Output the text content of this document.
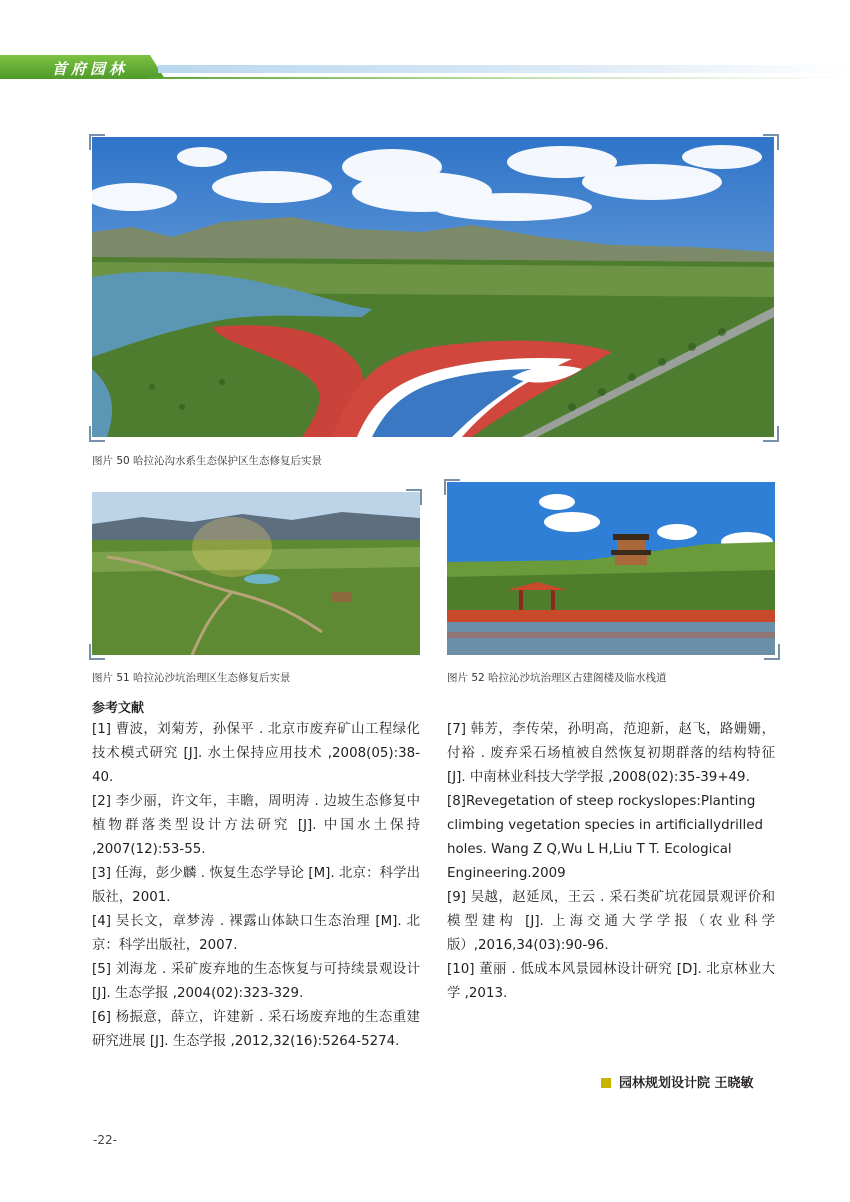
首府园林
图片 50 哈拉沁沟水系生态保护区生态修复后实景
图片 51 哈拉沁沙坑治理区生态修复后实景	图片 52 哈拉沁沙坑治理区古建阁楼及临水栈道
参考文献

[1] 曹波，刘菊芳，孙保平 . 北京市废弃矿山工程绿化技术模式研究 [J]. 水土保持应用技术 ,2008(05):38-40.

[2] 李少丽，许文年，丰瞻，周明涛 . 边坡生态修复中植物群落类型设计方法研究 [J]. 中国水土保持 ,2007(12):53-55.

[3] 任海，彭少麟 . 恢复生态学导论 [M]. 北京：科学出版社，2001.

[4] 吴长文，章梦涛 . 裸露山体缺口生态治理 [M]. 北京：科学出版社，2007.

[5] 刘海龙 . 采矿废弃地的生态恢复与可持续景观设计 [J]. 生态学报 ,2004(02):323-329.

[6] 杨振意，薛立，许建新 . 采石场废弃地的生态重建研究进展 [J]. 生态学报 ,2012,32(16):5264-5274.

[7] 韩芳，李传荣，孙明高，范迎新，赵飞，路姗姗，付裕 . 废弃采石场植被自然恢复初期群落的结构特征 [J]. 中南林业科技大学学报 ,2008(02):35-39+49.

[8]Revegetation of steep rockyslopes:Planting climbing vegetation species in artificiallydrilled holes. Wang Z Q,Wu L H,Liu T T. Ecological Engineering.2009

[9] 吴越，赵延凤，王云 . 采石类矿坑花园景观评价和模型建构 [J]. 上海交通大学学报（农业科学版）,2016,34(03):90-96.

[10] 董丽 . 低成本风景园林设计研究 [D]. 北京林业大学 ,2013.

园林规划设计院 王晓敏
-22-
